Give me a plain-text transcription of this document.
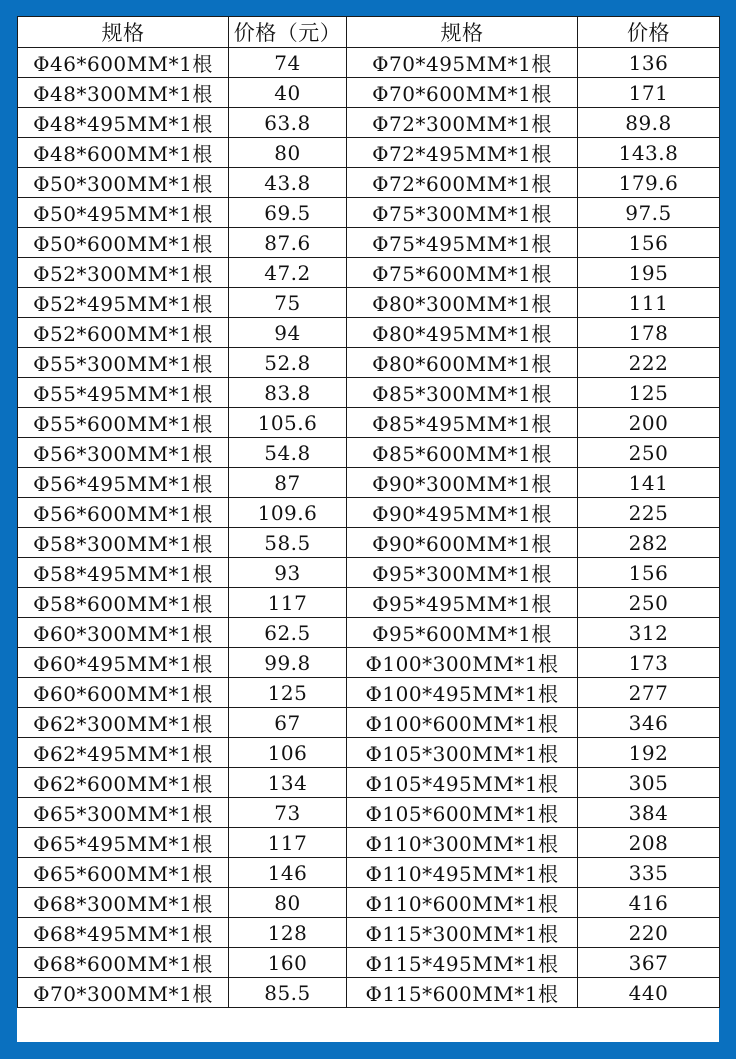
规格	价格（元）	规格	价格
Φ46*600MM*1根	74	Φ70*495MM*1根	136
Φ48*300MM*1根	40	Φ70*600MM*1根	171
Φ48*495MM*1根	63.8	Φ72*300MM*1根	89.8
Φ48*600MM*1根	80	Φ72*495MM*1根	143.8
Φ50*300MM*1根	43.8	Φ72*600MM*1根	179.6
Φ50*495MM*1根	69.5	Φ75*300MM*1根	97.5
Φ50*600MM*1根	87.6	Φ75*495MM*1根	156
Φ52*300MM*1根	47.2	Φ75*600MM*1根	195
Φ52*495MM*1根	75	Φ80*300MM*1根	111
Φ52*600MM*1根	94	Φ80*495MM*1根	178
Φ55*300MM*1根	52.8	Φ80*600MM*1根	222
Φ55*495MM*1根	83.8	Φ85*300MM*1根	125
Φ55*600MM*1根	105.6	Φ85*495MM*1根	200
Φ56*300MM*1根	54.8	Φ85*600MM*1根	250
Φ56*495MM*1根	87	Φ90*300MM*1根	141
Φ56*600MM*1根	109.6	Φ90*495MM*1根	225
Φ58*300MM*1根	58.5	Φ90*600MM*1根	282
Φ58*495MM*1根	93	Φ95*300MM*1根	156
Φ58*600MM*1根	117	Φ95*495MM*1根	250
Φ60*300MM*1根	62.5	Φ95*600MM*1根	312
Φ60*495MM*1根	99.8	Φ100*300MM*1根	173
Φ60*600MM*1根	125	Φ100*495MM*1根	277
Φ62*300MM*1根	67	Φ100*600MM*1根	346
Φ62*495MM*1根	106	Φ105*300MM*1根	192
Φ62*600MM*1根	134	Φ105*495MM*1根	305
Φ65*300MM*1根	73	Φ105*600MM*1根	384
Φ65*495MM*1根	117	Φ110*300MM*1根	208
Φ65*600MM*1根	146	Φ110*495MM*1根	335
Φ68*300MM*1根	80	Φ110*600MM*1根	416
Φ68*495MM*1根	128	Φ115*300MM*1根	220
Φ68*600MM*1根	160	Φ115*495MM*1根	367
Φ70*300MM*1根	85.5	Φ115*600MM*1根	440
